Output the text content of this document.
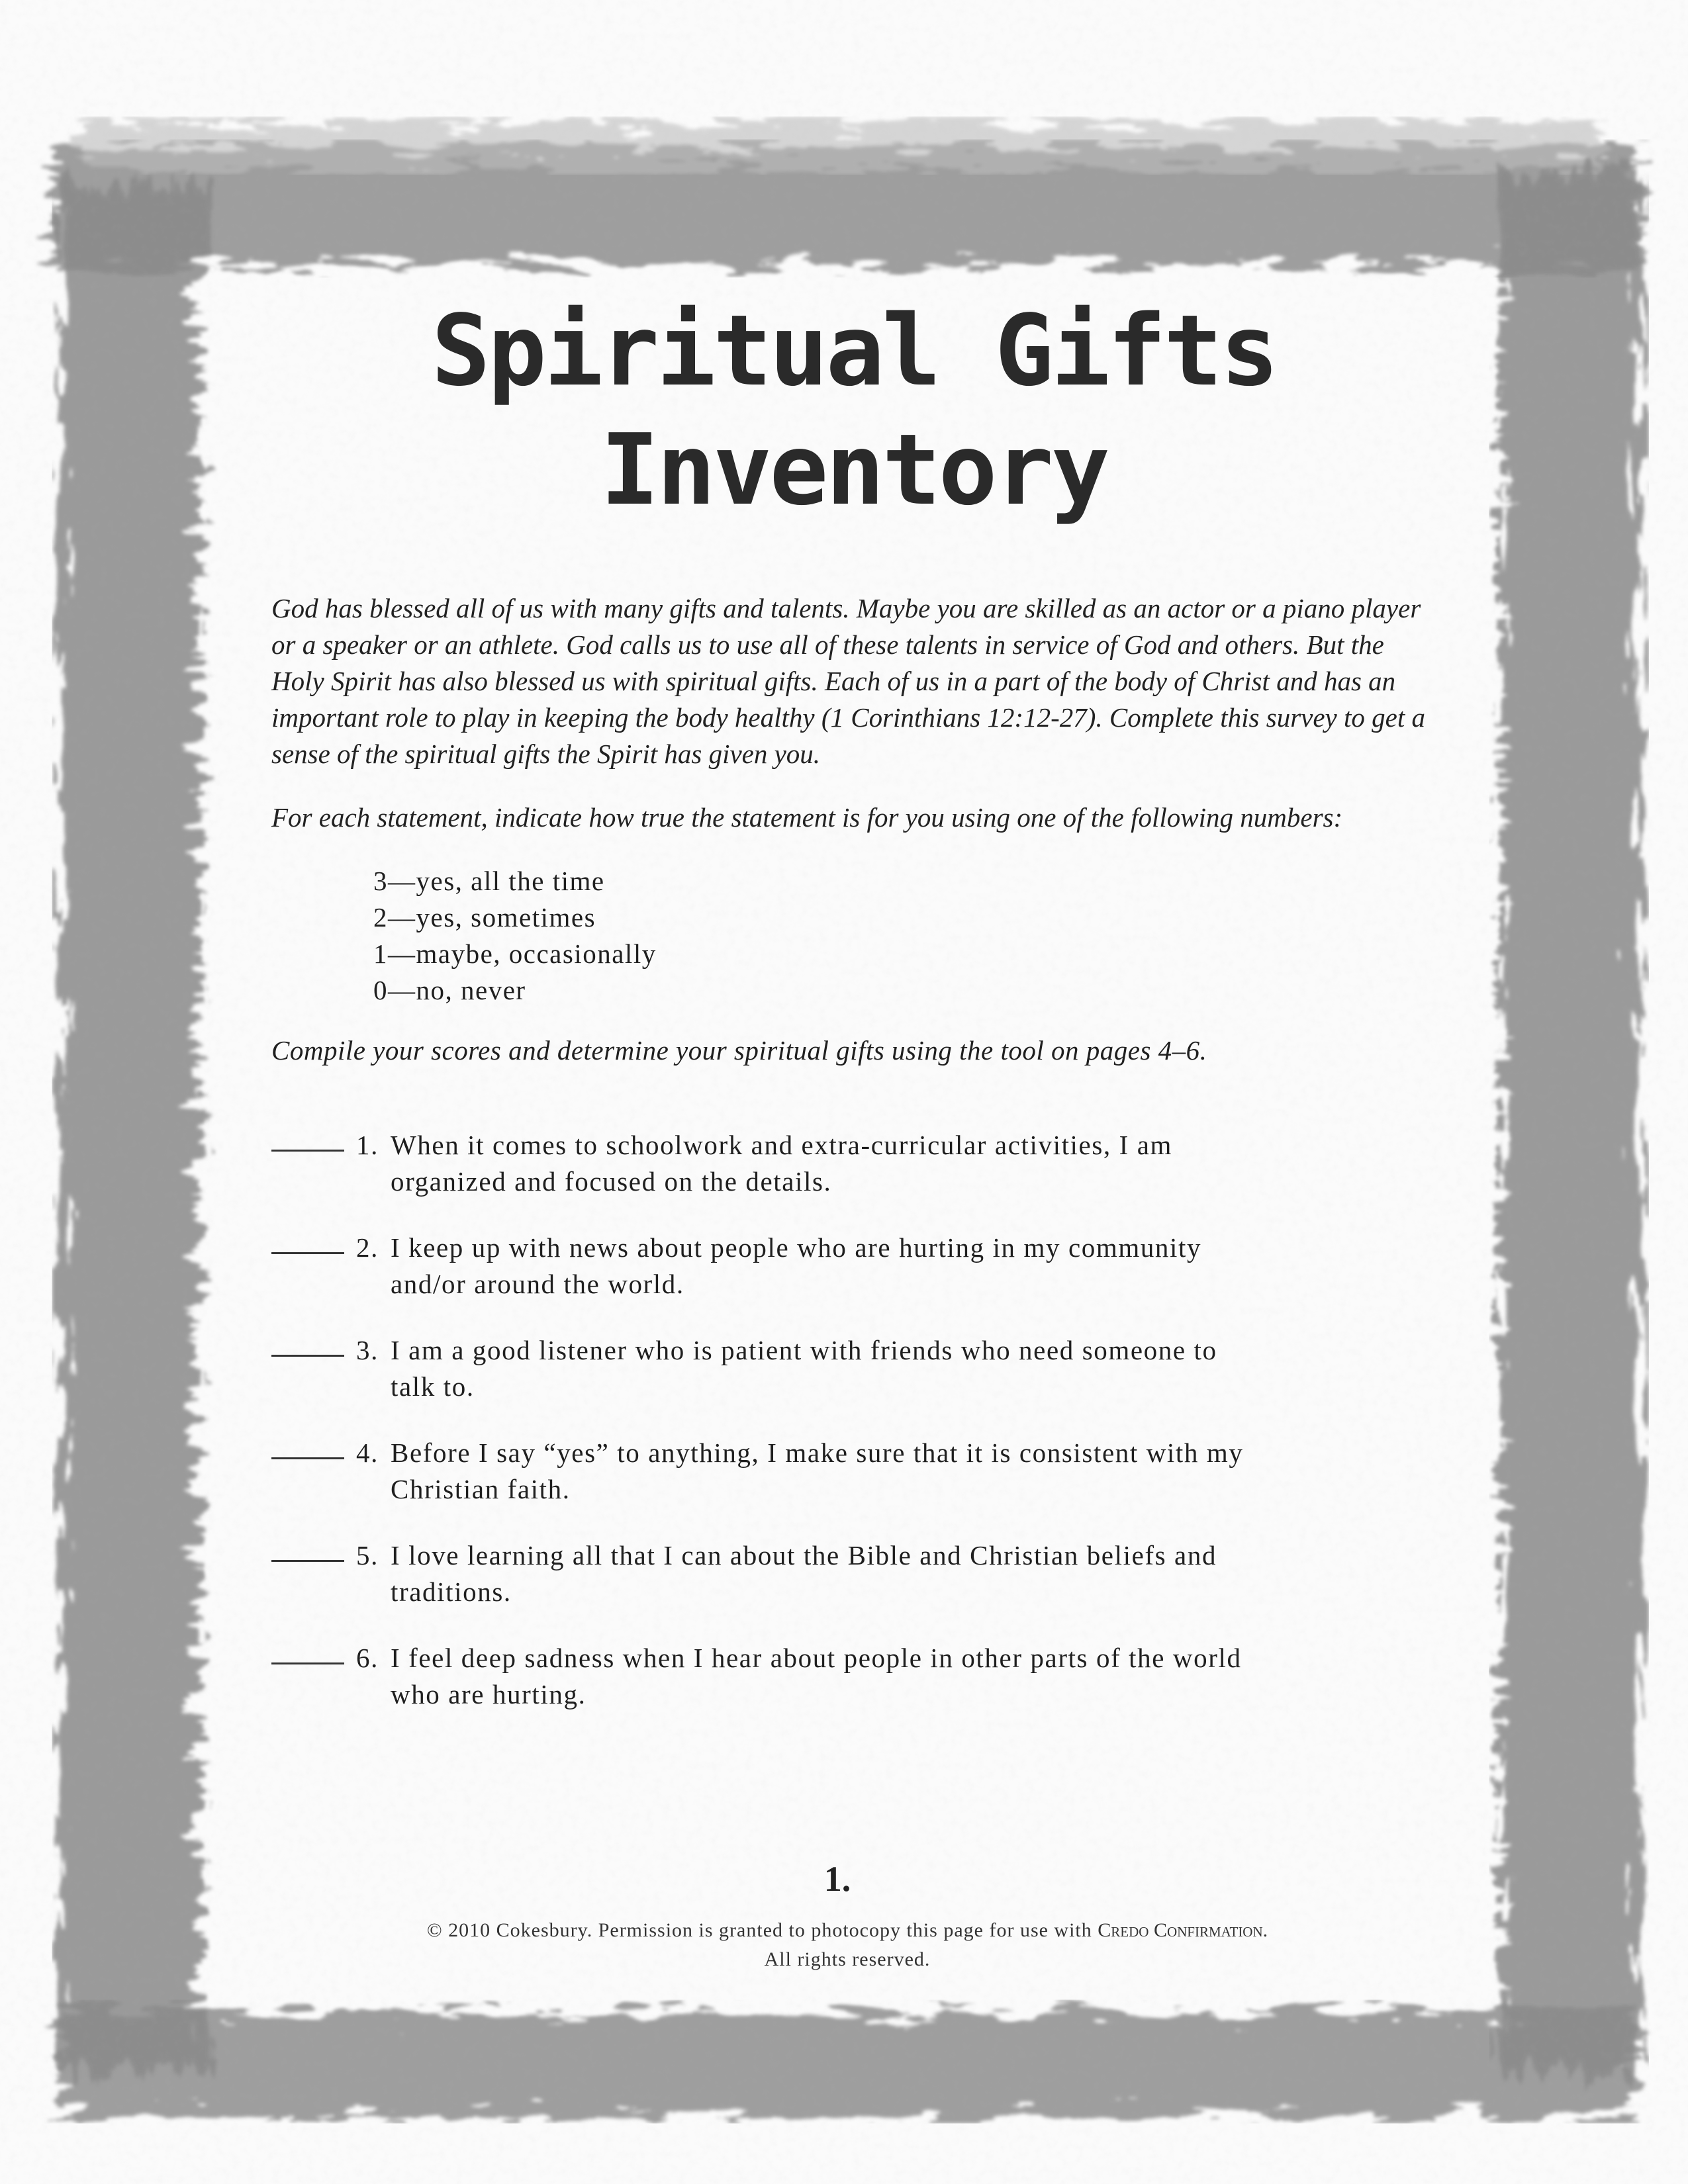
Spiritual Gifts
Inventory

God has blessed all of us with many gifts and talents. Maybe you are skilled as an actor or a piano player or a speaker or an athlete. God calls us to use all of these talents in service of God and others. But the Holy Spirit has also blessed us with spiritual gifts. Each of us in a part of the body of Christ and has an important role to play in keeping the body healthy (1 Corinthians 12:12-27). Complete this survey to get a sense of the spiritual gifts the Spirit has given you.

For each statement, indicate how true the statement is for you using one of the following numbers:

3—yes, all the time
2—yes, sometimes
1—maybe, occasionally
0—no, never

Compile your scores and determine your spiritual gifts using the tool on pages 4–6.

1. When it comes to schoolwork and extra-curricular activities, I am
organized and focused on the details.
2. I keep up with news about people who are hurting in my community
and/or around the world.
3. I am a good listener who is patient with friends who need someone to
talk to.
4. Before I say “yes” to anything, I make sure that it is consistent with my
Christian faith.
5. I love learning all that I can about the Bible and Christian beliefs and
traditions.
6. I feel deep sadness when I hear about people in other parts of the world
who are hurting.
1.
© 2010 Cokesbury. Permission is granted to photocopy this page for use with Credo Confirmation.
All rights reserved.
